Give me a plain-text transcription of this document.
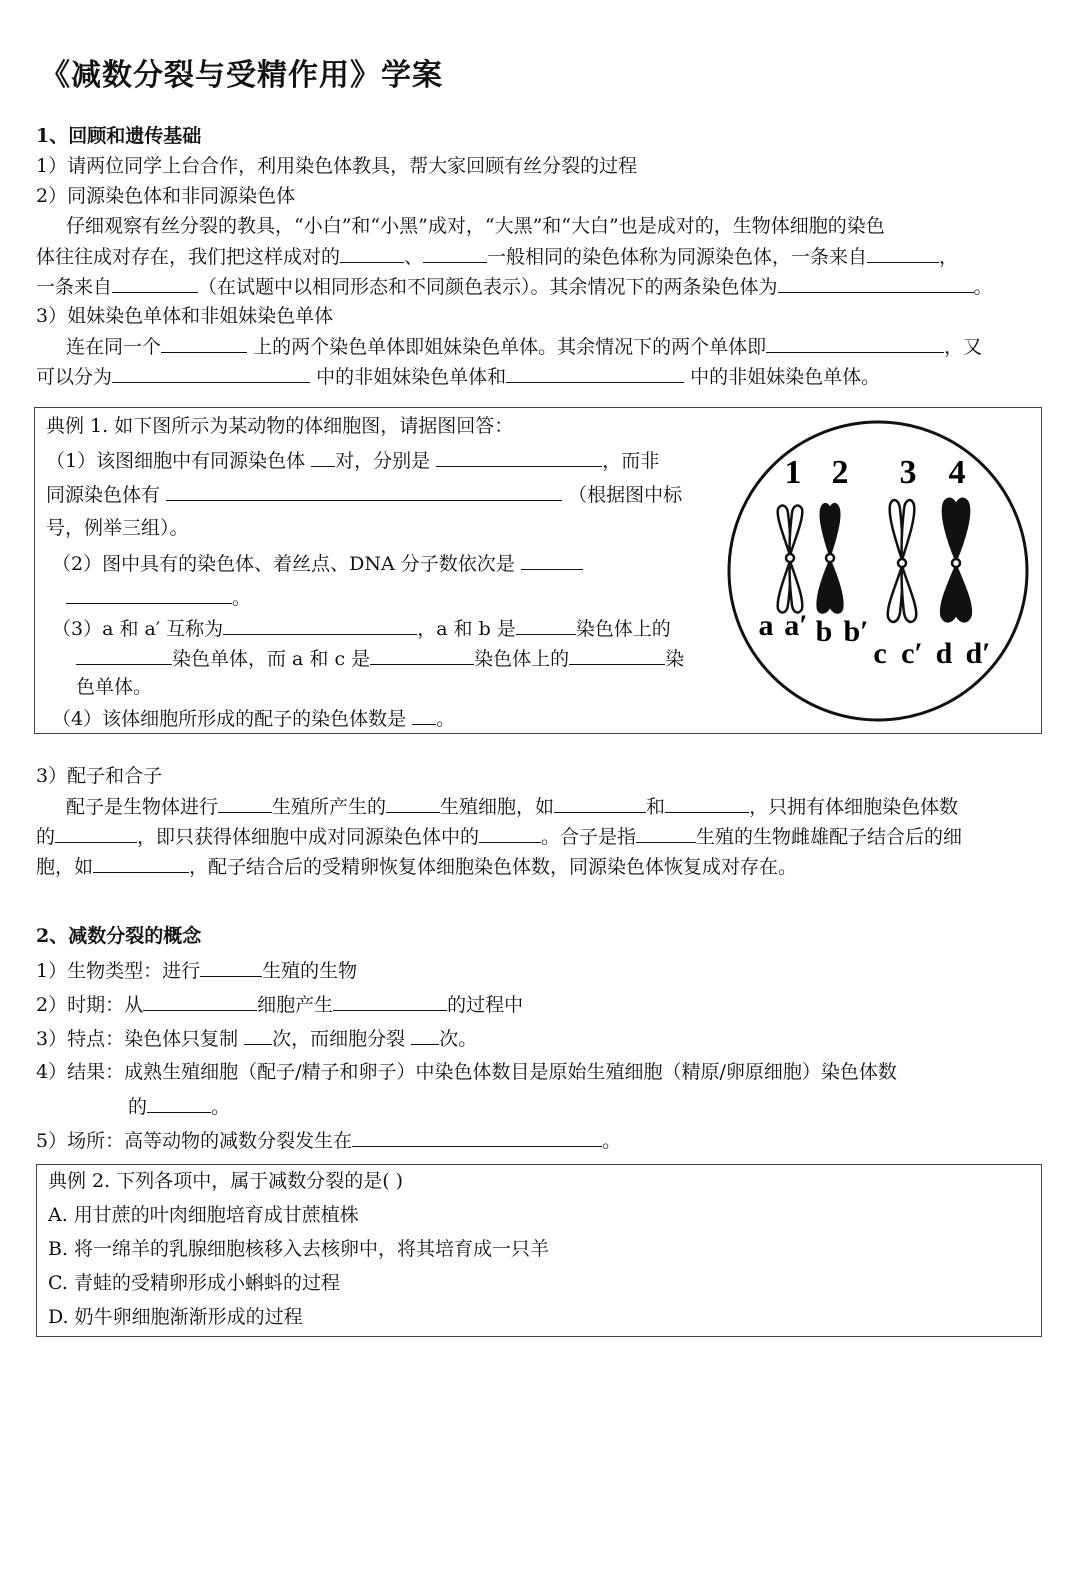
《减数分裂与受精作用》学案
1、回顾和遗传基础
1）请两位同学上台合作，利用染色体教具，帮大家回顾有丝分裂的过程
2）同源染色体和非同源染色体
仔细观察有丝分裂的教具，“小白”和“小黑”成对，“大黑”和“大白”也是成对的，生物体细胞的染色
体往往成对存在，我们把这样成对的	、	一般相同的染色体称为同源染色体，一条来自	，
一条来自	（在试题中以相同形态和不同颜色表示）。其余情况下的两条染色体为	。
3）姐妹染色单体和非姐妹染色单体
连在同一个	上的两个染色单体即姐妹染色单体。其余情况下的两个单体即	，又
可以分为	中的非姐妹染色单体和	中的非姐妹染色单体。
典例 1. 如下图所示为某动物的体细胞图，请据图回答：
（1）该图细胞中有同源染色体 对，分别是	，而非
同源染色体有	（根据图中标
号，例举三组）。
（2）图中具有的染色体、着丝点、DNA 分子数依次是
。
（3）a 和 a′ 互称为	，a 和 b 是	染色体上的
染色单体，而 a 和 c 是	染色体上的	染
色单体。
（4）该体细胞所形成的配子的染色体数是 。
1 2 3 4
a a′ b b′
c c′ d d′
3）配子和合子
配子是生物体进行	生殖所产生的	生殖细胞，如	和	，只拥有体细胞染色体数
的	，即只获得体细胞中成对同源染色体中的	。合子是指	生殖的生物雌雄配子结合后的细
胞，如	，配子结合后的受精卵恢复体细胞染色体数，同源染色体恢复成对存在。
2、减数分裂的概念
1）生物类型：进行	生殖的生物
2）时期：从	细胞产生	的过程中
3）特点：染色体只复制 次，而细胞分裂 次。
4）结果：成熟生殖细胞（配子/精子和卵子）中染色体数目是原始生殖细胞（精原/卵原细胞）染色体数
的	。
5）场所：高等动物的减数分裂发生在	。
典例 2. 下列各项中，属于减数分裂的是( )
A. 用甘蔗的叶肉细胞培育成甘蔗植株
B. 将一绵羊的乳腺细胞核移入去核卵中，将其培育成一只羊
C. 青蛙的受精卵形成小蝌蚪的过程
D. 奶牛卵细胞渐渐形成的过程
